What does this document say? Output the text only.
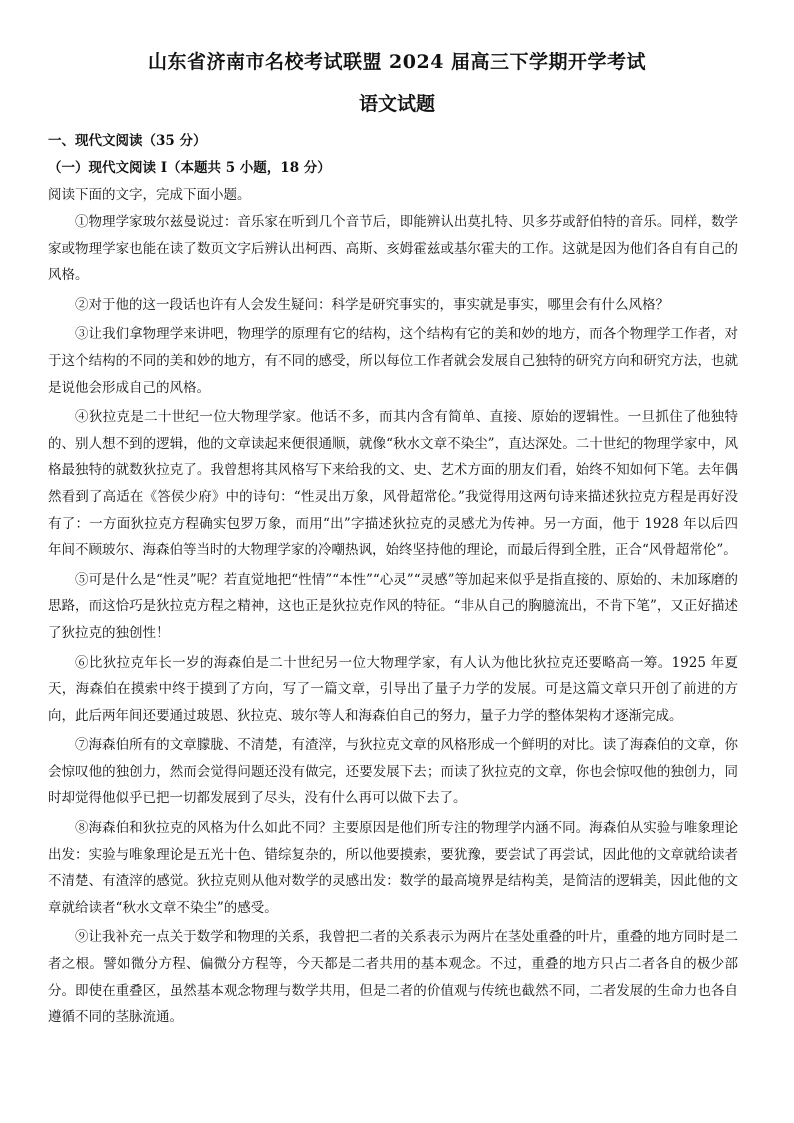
山东省济南市名校考试联盟 2024 届高三下学期开学考试
语文试题

一、现代文阅读（35 分）

（一）现代文阅读 I（本题共 5 小题，18 分）

阅读下面的文字，完成下面小题。

①物理学家玻尔兹曼说过：音乐家在听到几个音节后，即能辨认出莫扎特、贝多芬或舒伯特的音乐。同样，数学家或物理学家也能在读了数页文字后辨认出柯西、高斯、亥姆霍兹或基尔霍夫的工作。这就是因为他们各自有自己的风格。

②对于他的这一段话也许有人会发生疑问：科学是研究事实的，事实就是事实，哪里会有什么风格？

③让我们拿物理学来讲吧，物理学的原理有它的结构，这个结构有它的美和妙的地方，而各个物理学工作者，对于这个结构的不同的美和妙的地方，有不同的感受，所以每位工作者就会发展自己独特的研究方向和研究方法，也就是说他会形成自己的风格。

④狄拉克是二十世纪一位大物理学家。他话不多，而其内含有简单、直接、原始的逻辑性。一旦抓住了他独特的、别人想不到的逻辑，他的文章读起来便很通顺，就像“秋水文章不染尘”，直达深处。二十世纪的物理学家中，风格最独特的就数狄拉克了。我曾想将其风格写下来给我的文、史、艺术方面的朋友们看，始终不知如何下笔。去年偶然看到了高适在《答侯少府》中的诗句：“性灵出万象，风骨超常伦。”我觉得用这两句诗来描述狄拉克方程是再好没有了：一方面狄拉克方程确实包罗万象，而用“出”字描述狄拉克的灵感尤为传神。另一方面，他于 1928 年以后四年间不顾玻尔、海森伯等当时的大物理学家的冷嘲热讽，始终坚持他的理论，而最后得到全胜，正合“风骨超常伦”。

⑤可是什么是“性灵”呢？若直觉地把“性情”“本性”“心灵”“灵感”等加起来似乎是指直接的、原始的、未加琢磨的思路，而这恰巧是狄拉克方程之精神，这也正是狄拉克作风的特征。“非从自己的胸臆流出，不肯下笔”，又正好描述了狄拉克的独创性！

⑥比狄拉克年长一岁的海森伯是二十世纪另一位大物理学家，有人认为他比狄拉克还要略高一筹。1925 年夏天，海森伯在摸索中终于摸到了方向，写了一篇文章，引导出了量子力学的发展。可是这篇文章只开创了前进的方向，此后两年间还要通过玻恩、狄拉克、玻尔等人和海森伯自己的努力，量子力学的整体架构才逐渐完成。

⑦海森伯所有的文章朦胧、不清楚，有渣滓，与狄拉克文章的风格形成一个鲜明的对比。读了海森伯的文章，你会惊叹他的独创力，然而会觉得问题还没有做完，还要发展下去；而读了狄拉克的文章，你也会惊叹他的独创力，同时却觉得他似乎已把一切都发展到了尽头，没有什么再可以做下去了。

⑧海森伯和狄拉克的风格为什么如此不同？主要原因是他们所专注的物理学内涵不同。海森伯从实验与唯象理论出发：实验与唯象理论是五光十色、错综复杂的，所以他要摸索，要犹豫，要尝试了再尝试，因此他的文章就给读者不清楚、有渣滓的感觉。狄拉克则从他对数学的灵感出发：数学的最高境界是结构美，是简洁的逻辑美，因此他的文章就给读者“秋水文章不染尘”的感受。

⑨让我补充一点关于数学和物理的关系，我曾把二者的关系表示为两片在茎处重叠的叶片，重叠的地方同时是二者之根。譬如微分方程、偏微分方程等，今天都是二者共用的基本观念。不过，重叠的地方只占二者各自的极少部分。即使在重叠区，虽然基本观念物理与数学共用，但是二者的价值观与传统也截然不同，二者发展的生命力也各自遵循不同的茎脉流通。
